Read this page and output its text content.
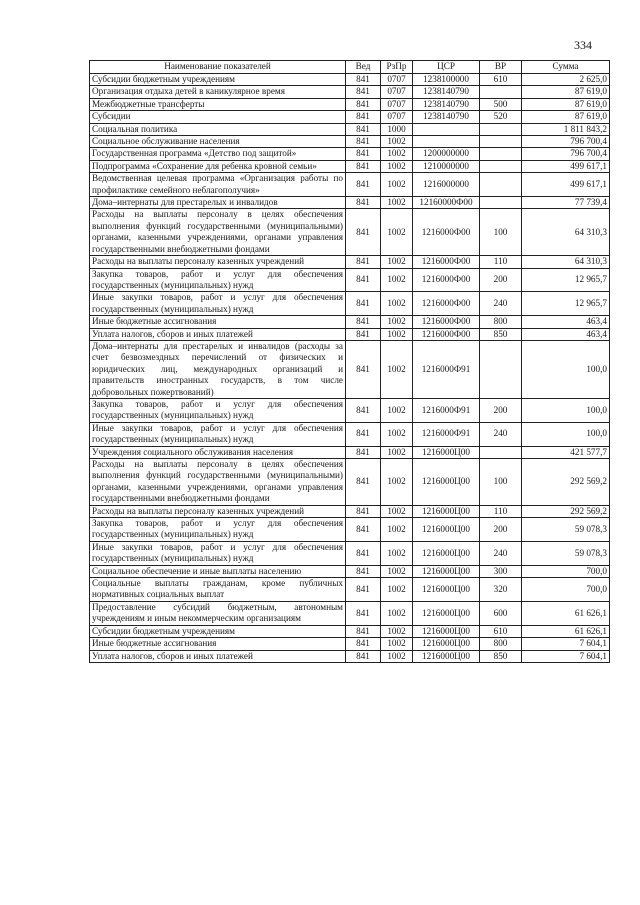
334
Наименование показателей	Вед	РзПр	ЦСР	ВР	Сумма
Субсидии бюджетным учреждениям	841	0707	1238100000	610	2 625,0
Организация отдыха детей в каникулярное время	841	0707	1238140790		87 619,0
Межбюджетные трансферты	841	0707	1238140790	500	87 619,0
Субсидии	841	0707	1238140790	520	87 619,0
Социальная политика	841	1000			1 811 843,2
Социальное обслуживание населения	841	1002			796 700,4
Государственная программа «Детство под защитой»	841	1002	1200000000		796 700,4
Подпрограмма «Сохранение для ребенка кровной семьи»	841	1002	1210000000		499 617,1
Ведомственная целевая программа «Организация работы по профилактике семейного неблагополучия»	841	1002	1216000000		499 617,1
Дома–интернаты для престарелых и инвалидов	841	1002	12160000Ф00		77 739,4
Расходы на выплаты персоналу в целях обеспечения выполнения функций государственными (муниципальными) органами, казенными учреждениями, органами управления государственными внебюджетными фондами	841	1002	1216000Ф00	100	64 310,3
Расходы на выплаты персоналу казенных учреждений	841	1002	1216000Ф00	110	64 310,3
Закупка товаров, работ и услуг для обеспечения государственных (муниципальных) нужд	841	1002	1216000Ф00	200	12 965,7
Иные закупки товаров, работ и услуг для обеспечения государственных (муниципальных) нужд	841	1002	1216000Ф00	240	12 965,7
Иные бюджетные ассигнования	841	1002	1216000Ф00	800	463,4
Уплата налогов, сборов и иных платежей	841	1002	1216000Ф00	850	463,4
Дома–интернаты для престарелых и инвалидов (расходы за счет безвозмездных перечислений от физических и юридических лиц, международных организаций и правительств иностранных государств, в том числе добровольных пожертвований)	841	1002	1216000Ф91		100,0
Закупка товаров, работ и услуг для обеспечения государственных (муниципальных) нужд	841	1002	1216000Ф91	200	100,0
Иные закупки товаров, работ и услуг для обеспечения государственных (муниципальных) нужд	841	1002	1216000Ф91	240	100,0
Учреждения социального обслуживания населения	841	1002	1216000Ц00		421 577,7
Расходы на выплаты персоналу в целях обеспечения выполнения функций государственными (муниципальными) органами, казенными учреждениями, органами управления государственными внебюджетными фондами	841	1002	1216000Ц00	100	292 569,2
Расходы на выплаты персоналу казенных учреждений	841	1002	1216000Ц00	110	292 569,2
Закупка товаров, работ и услуг для обеспечения государственных (муниципальных) нужд	841	1002	1216000Ц00	200	59 078,3
Иные закупки товаров, работ и услуг для обеспечения государственных (муниципальных) нужд	841	1002	1216000Ц00	240	59 078,3
Социальное обеспечение и иные выплаты населению	841	1002	1216000Ц00	300	700,0
Социальные выплаты гражданам, кроме публичных нормативных социальных выплат	841	1002	1216000Ц00	320	700,0
Предоставление субсидий бюджетным, автономным учреждениям и иным некоммерческим организациям	841	1002	1216000Ц00	600	61 626,1
Субсидии бюджетным учреждениям	841	1002	1216000Ц00	610	61 626,1
Иные бюджетные ассигнования	841	1002	1216000Ц00	800	7 604,1
Уплата налогов, сборов и иных платежей	841	1002	1216000Ц00	850	7 604,1
